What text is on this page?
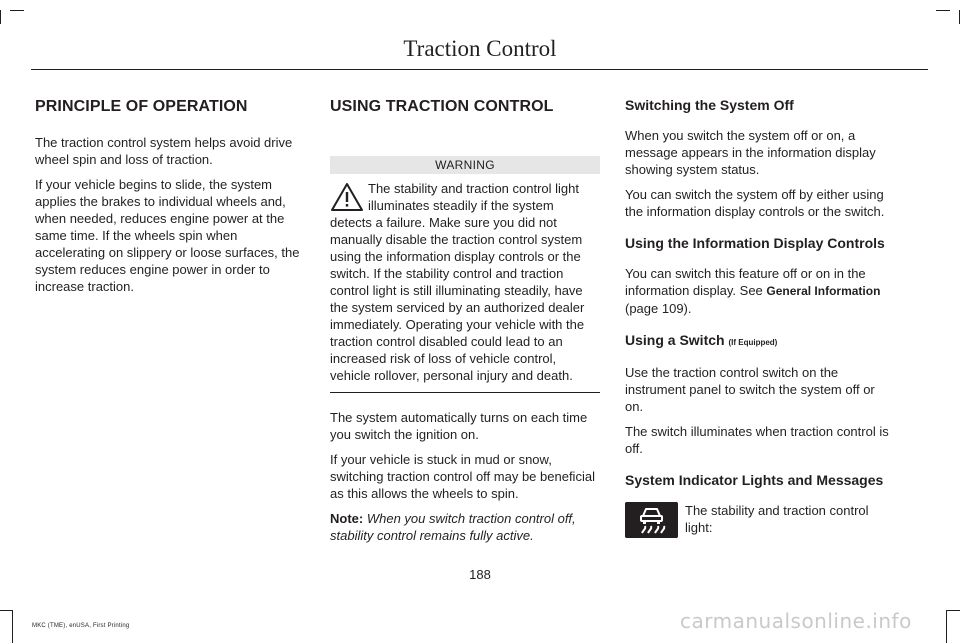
Traction Control
PRINCIPLE OF OPERATION

The traction control system helps avoid drive wheel spin and loss of traction.

If your vehicle begins to slide, the system applies the brakes to individual wheels and, when needed, reduces engine power at the same time. If the wheels spin when accelerating on slippery or loose surfaces, the system reduces engine power in order to increase traction.

USING TRACTION CONTROL
WARNING
The stability and traction control light illuminates steadily if the system
detects a failure. Make sure you did not manually disable the traction control system using the information display controls or the switch. If the stability control and traction control light is still illuminating steadily, have the system serviced by an authorized dealer immediately. Operating your vehicle with the traction control disabled could lead to an increased risk of loss of vehicle control, vehicle rollover, personal injury and death.

The system automatically turns on each time you switch the ignition on.

If your vehicle is stuck in mud or snow, switching traction control off may be beneficial as this allows the wheels to spin.

Note: When you switch traction control off, stability control remains fully active.

Switching the System Off

When you switch the system off or on, a message appears in the information display showing system status.

You can switch the system off by either using the information display controls or the switch.

Using the Information Display Controls

You can switch this feature off or on in the information display. See General Information (page 109).

Using a Switch (If Equipped)

Use the traction control switch on the instrument panel to switch the system off or on.

The switch illuminates when traction control is off.

System Indicator Lights and Messages

The stability and traction control light:

188
MKC (TME), enUSA, First Printing	carmanualsonline.info
